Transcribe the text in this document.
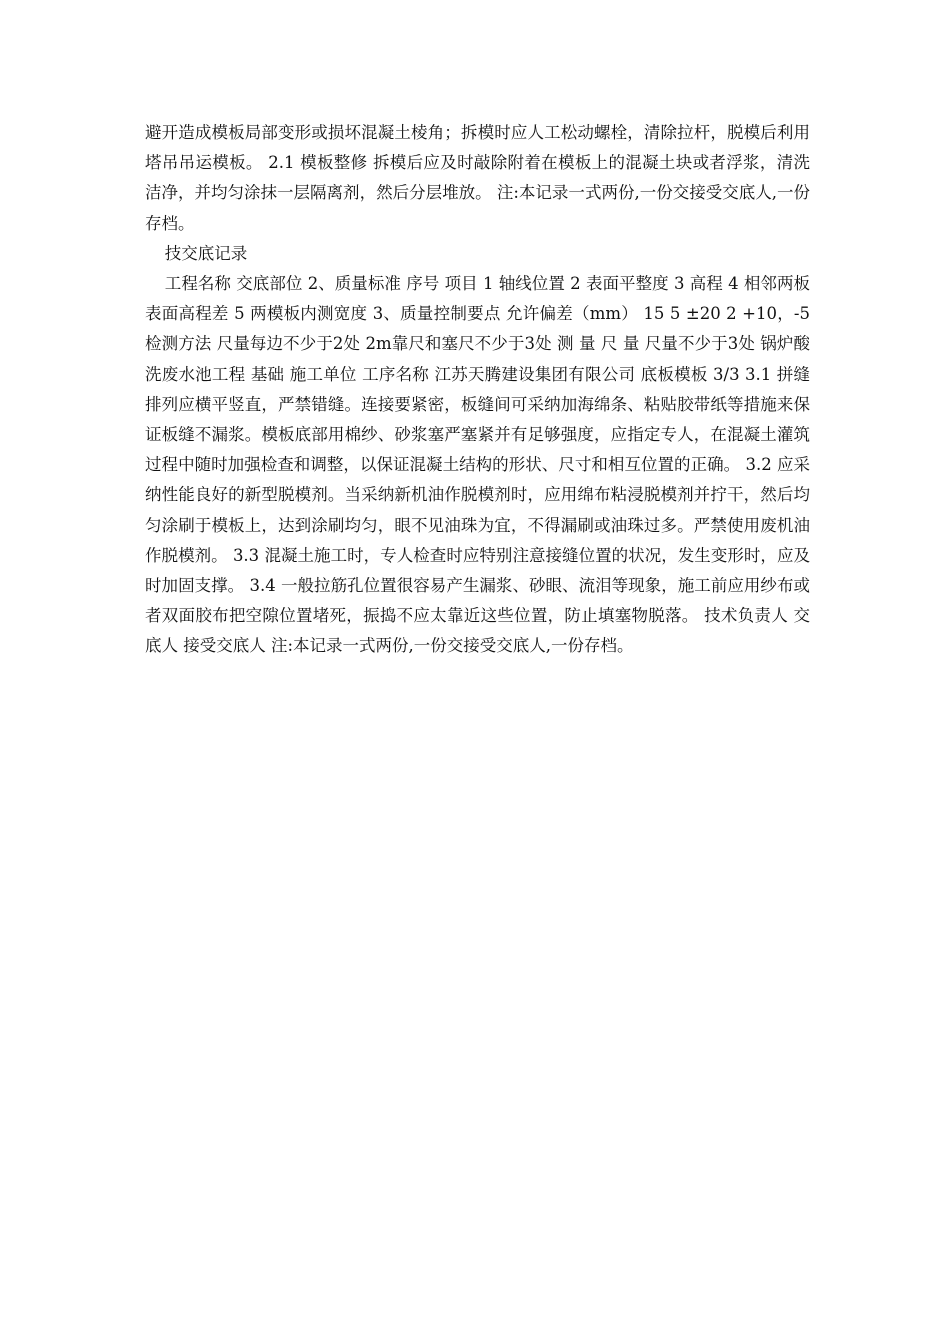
避开造成模板局部变形或损坏混凝土棱角；拆模时应人工松动螺栓，清除拉杆，脱模后利用塔吊吊运模板。 2.1 模板整修 拆模后应及时敲除附着在模板上的混凝土块或者浮浆，清洗洁净，并均匀涂抹一层隔离剂，然后分层堆放。 注:本记录一式两份,一份交接受交底人,一份存档。

技交底记录

工程名称 交底部位 2、质量标准 序号 项目 1 轴线位置 2 表面平整度 3 高程 4 相邻两板表面高程差 5 两模板内测宽度 3、质量控制要点 允许偏差（mm） 15 5 ±20 2 +10，-5 检测方法 尺量每边不少于2处 2m靠尺和塞尺不少于3处 测 量 尺 量 尺量不少于3处 锅炉酸洗废水池工程 基础 施工单位 工序名称 江苏天腾建设集团有限公司 底板模板 3/3 3.1 拼缝排列应横平竖直，严禁错缝。连接要紧密，板缝间可采纳加海绵条、粘贴胶带纸等措施来保证板缝不漏浆。模板底部用棉纱、砂浆塞严塞紧并有足够强度，应指定专人，在混凝土灌筑过程中随时加强检查和调整，以保证混凝土结构的形状、尺寸和相互位置的正确。 3.2 应采纳性能良好的新型脱模剂。当采纳新机油作脱模剂时，应用绵布粘浸脱模剂并拧干，然后均匀涂刷于模板上，达到涂刷均匀，眼不见油珠为宜，不得漏刷或油珠过多。严禁使用废机油作脱模剂。 3.3 混凝土施工时，专人检查时应特别注意接缝位置的状况，发生变形时，应及时加固支撑。 3.4 一般拉筋孔位置很容易产生漏浆、砂眼、流泪等现象，施工前应用纱布或者双面胶布把空隙位置堵死，振捣不应太靠近这些位置，防止填塞物脱落。 技术负责人 交底人 接受交底人 注:本记录一式两份,一份交接受交底人,一份存档。
